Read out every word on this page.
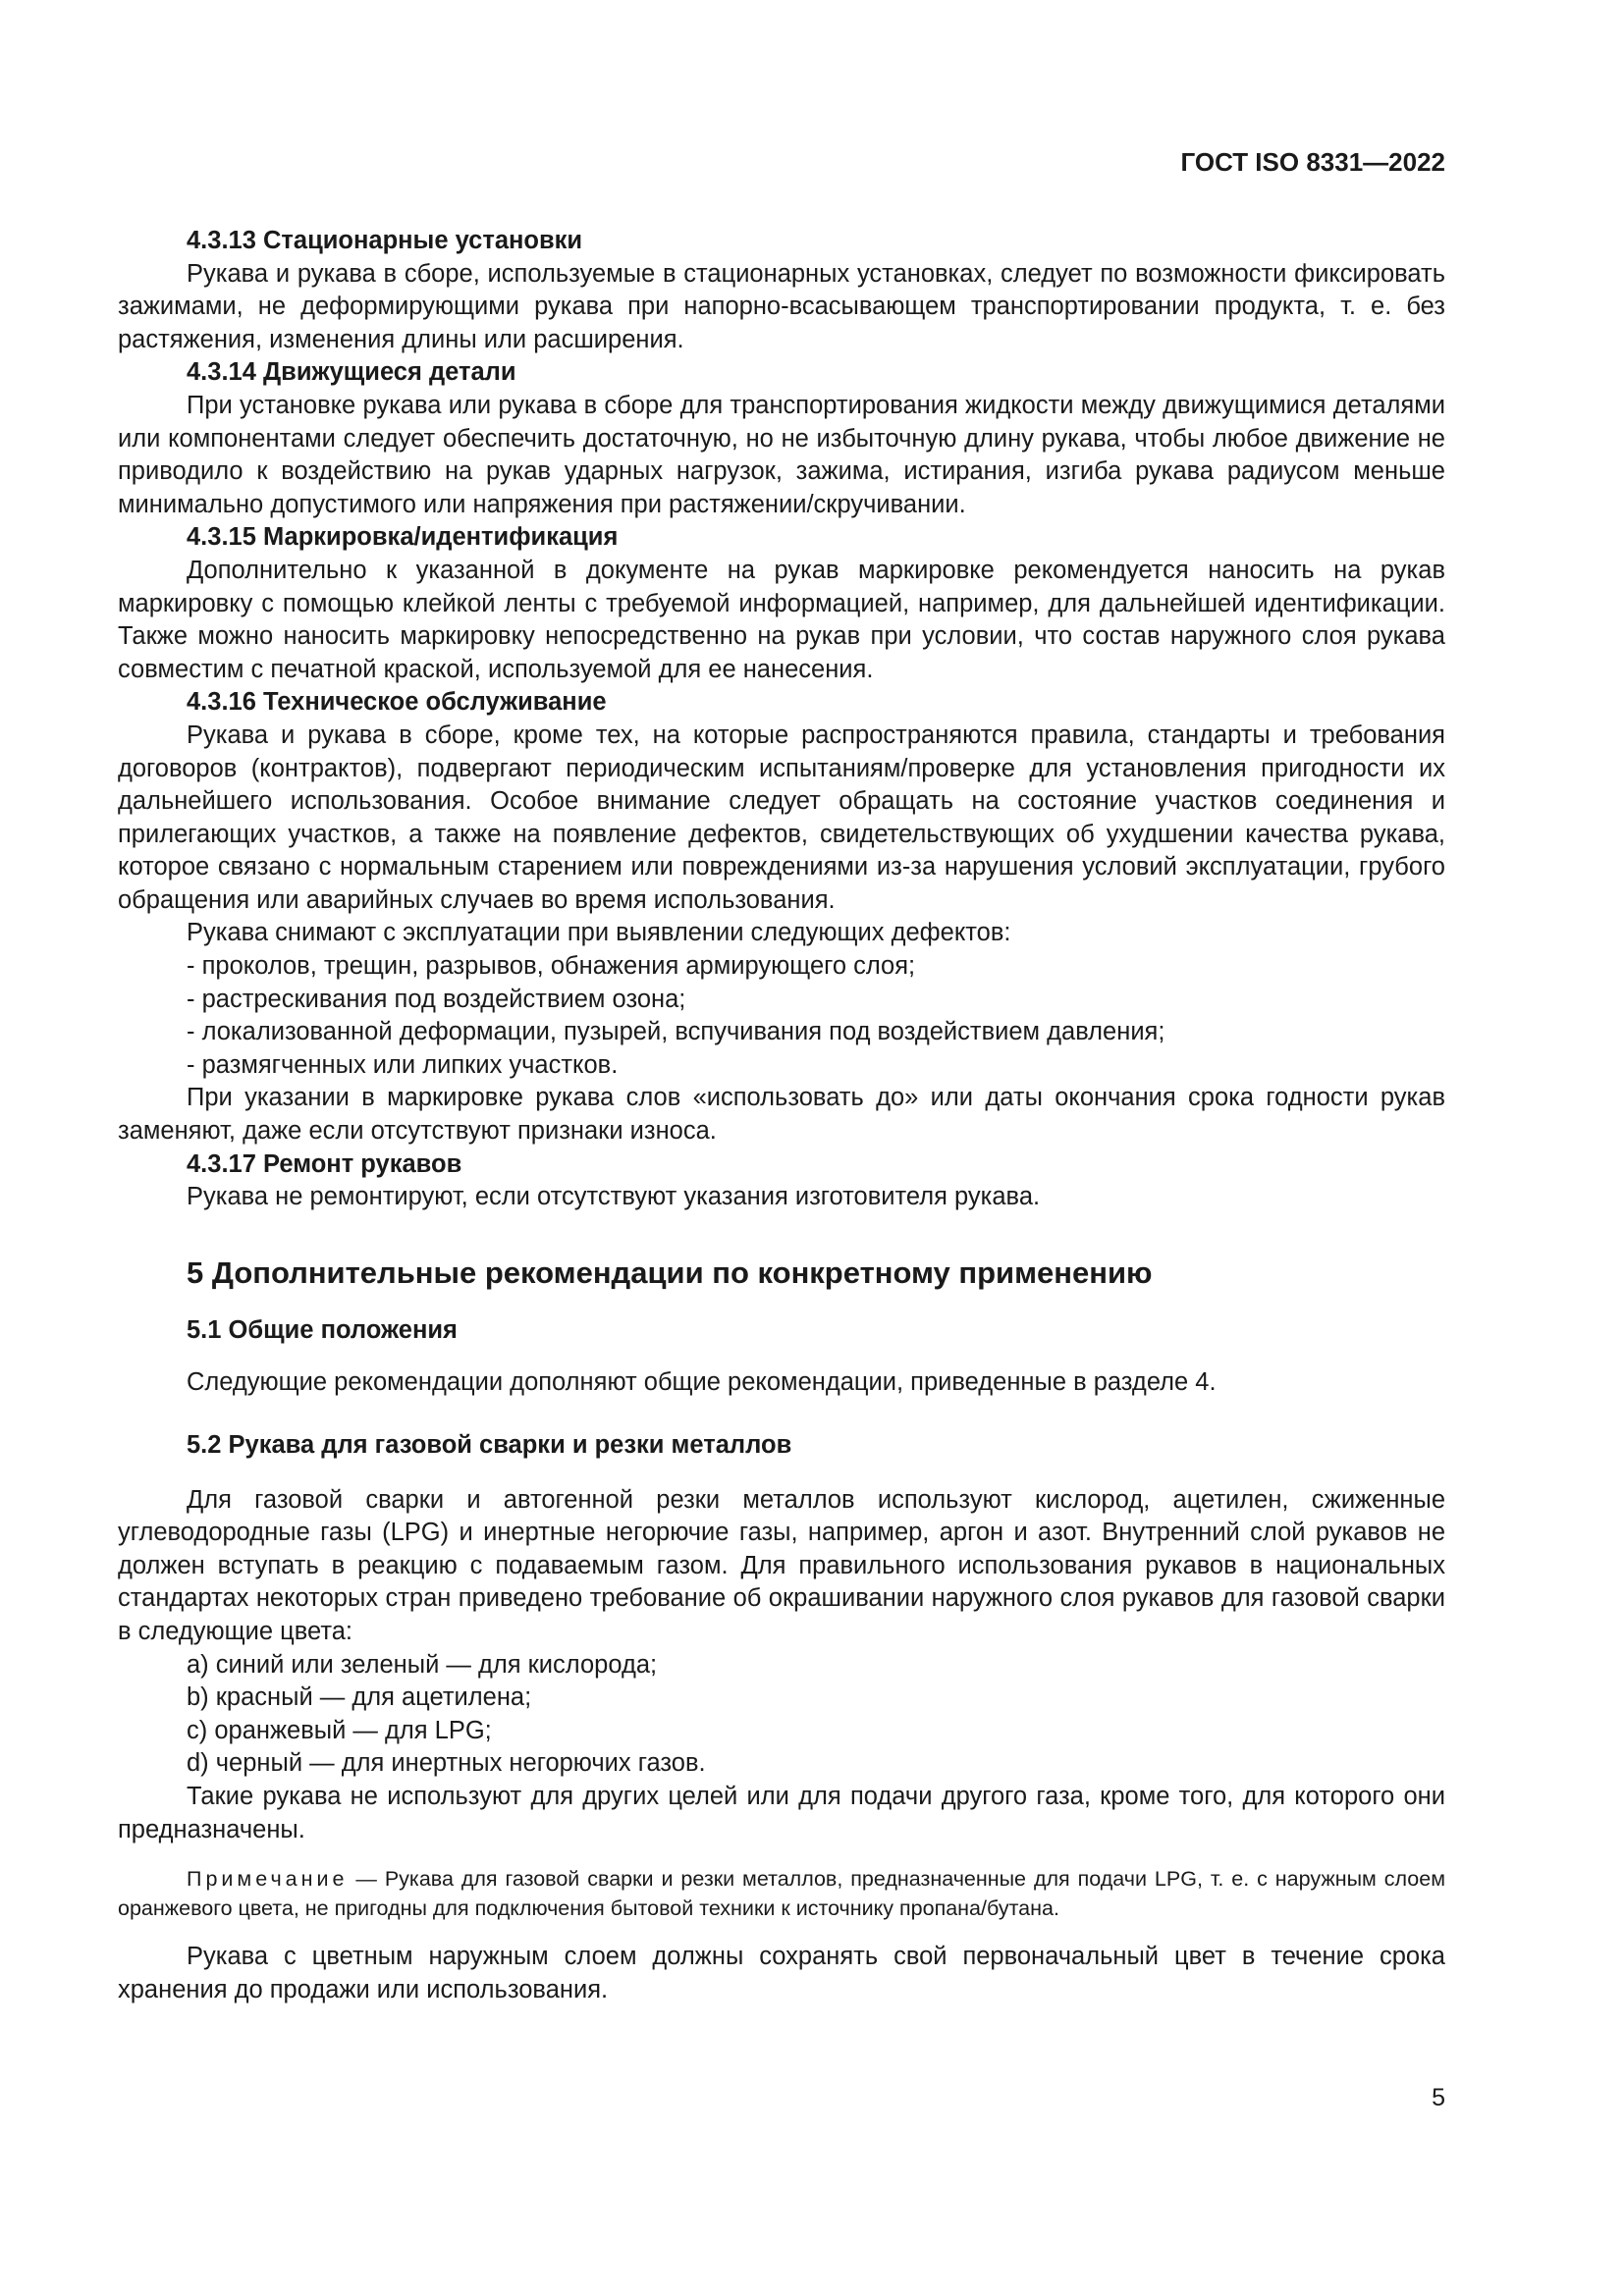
ГОСТ ISO 8331—2022
4.3.13 Стационарные установки

Рукава и рукава в сборе, используемые в стационарных установках, следует по возможности фиксировать зажимами, не деформирующими рукава при напорно-всасывающем транспортировании продукта, т. е. без растяжения, изменения длины или расширения.

4.3.14 Движущиеся детали

При установке рукава или рукава в сборе для транспортирования жидкости между движущимися деталями или компонентами следует обеспечить достаточную, но не избыточную длину рукава, чтобы любое движение не приводило к воздействию на рукав ударных нагрузок, зажима, истирания, изгиба рукава радиусом меньше минимально допустимого или напряжения при растяжении/скручивании.

4.3.15 Маркировка/идентификация

Дополнительно к указанной в документе на рукав маркировке рекомендуется наносить на рукав маркировку с помощью клейкой ленты с требуемой информацией, например, для дальнейшей идентификации. Также можно наносить маркировку непосредственно на рукав при условии, что состав наружного слоя рукава совместим с печатной краской, используемой для ее нанесения.

4.3.16 Техническое обслуживание

Рукава и рукава в сборе, кроме тех, на которые распространяются правила, стандарты и требования договоров (контрактов), подвергают периодическим испытаниям/проверке для установления пригодности их дальнейшего использования. Особое внимание следует обращать на состояние участков соединения и прилегающих участков, а также на появление дефектов, свидетельствующих об ухудшении качества рукава, которое связано с нормальным старением или повреждениями из-за нарушения условий эксплуатации, грубого обращения или аварийных случаев во время использования.

Рукава снимают с эксплуатации при выявлении следующих дефектов:

- проколов, трещин, разрывов, обнажения армирующего слоя;

- растрескивания под воздействием озона;

- локализованной деформации, пузырей, вспучивания под воздействием давления;

- размягченных или липких участков.

При указании в маркировке рукава слов «использовать до» или даты окончания срока годности рукав заменяют, даже если отсутствуют признаки износа.

4.3.17 Ремонт рукавов

Рукава не ремонтируют, если отсутствуют указания изготовителя рукава.

5 Дополнительные рекомендации по конкретному применению
5.1 Общие положения

Следующие рекомендации дополняют общие рекомендации, приведенные в разделе 4.

5.2 Рукава для газовой сварки и резки металлов

Для газовой сварки и автогенной резки металлов используют кислород, ацетилен, сжиженные углеводородные газы (LPG) и инертные негорючие газы, например, аргон и азот. Внутренний слой рукавов не должен вступать в реакцию с подаваемым газом. Для правильного использования рукавов в национальных стандартах некоторых стран приведено требование об окрашивании наружного слоя рукавов для газовой сварки в следующие цвета:

a) синий или зеленый — для кислорода;

b) красный — для ацетилена;

c) оранжевый — для LPG;

d) черный — для инертных негорючих газов.

Такие рукава не используют для других целей или для подачи другого газа, кроме того, для которого они предназначены.

Примечание — Рукава для газовой сварки и резки металлов, предназначенные для подачи LPG, т. е. с наружным слоем оранжевого цвета, не пригодны для подключения бытовой техники к источнику пропана/бутана.

Рукава с цветным наружным слоем должны сохранять свой первоначальный цвет в течение срока хранения до продажи или использования.

5
